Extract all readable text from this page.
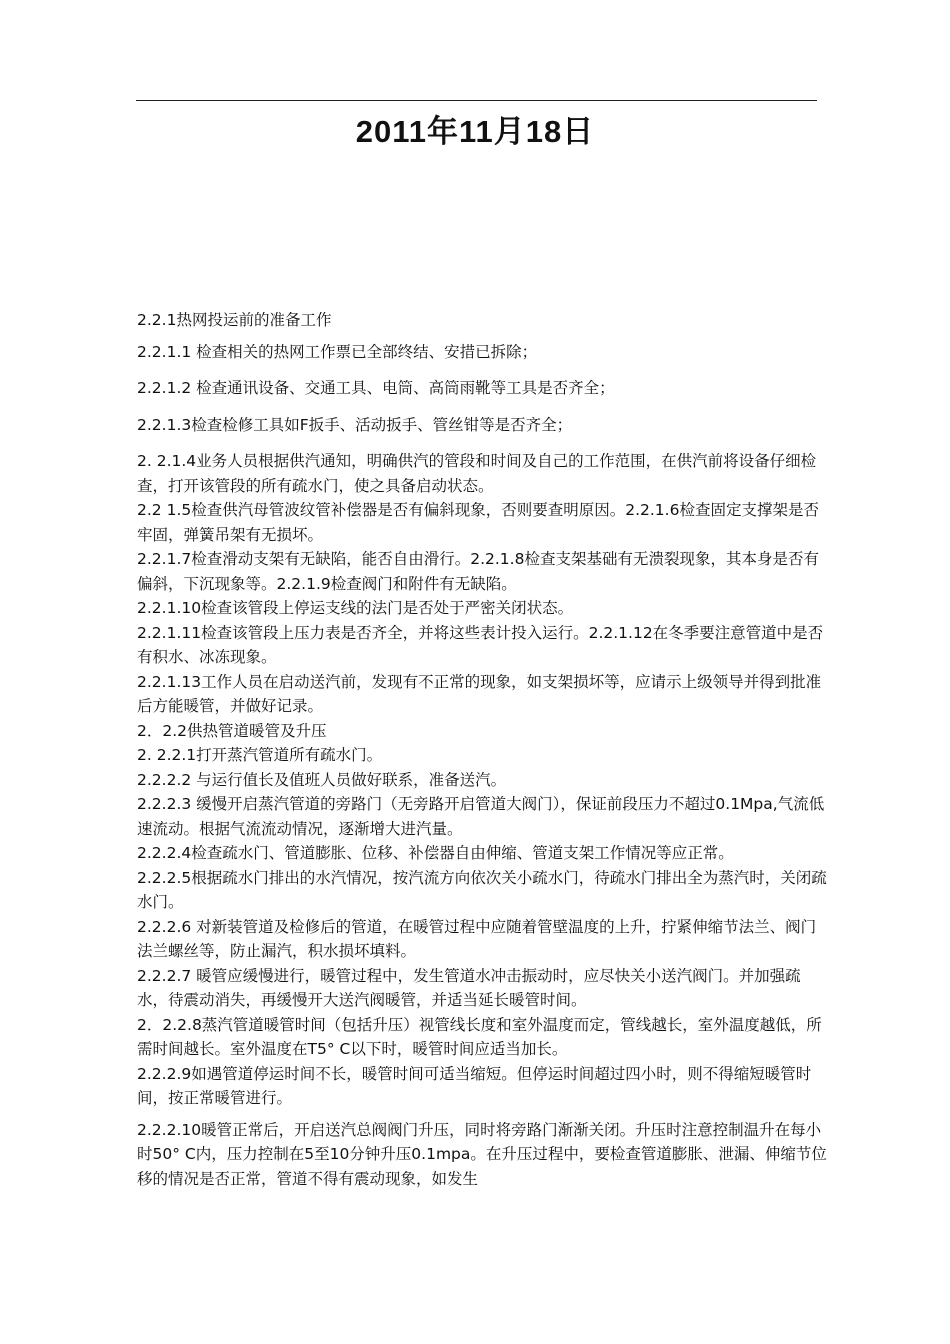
2011年11月18日

2.2.1热网投运前的准备工作

2.2.1.1 检查相关的热网工作票已全部终结、安措已拆除；

2.2.1.2 检查通讯设备、交通工具、电筒、高筒雨靴等工具是否齐全；

2.2.1.3检查检修工具如F扳手、活动扳手、管丝钳等是否齐全；

2. 2.1.4业务人员根据供汽通知，明确供汽的管段和时间及自己的工作范围，在供汽前将设备仔细检查，打开该管段的所有疏水门，使之具备启动状态。

2.2 1.5检查供汽母管波纹管补偿器是否有偏斜现象，否则要查明原因。2.2.1.6检查固定支撑架是否牢固，弹簧吊架有无损坏。

2.2.1.7检查滑动支架有无缺陷，能否自由滑行。2.2.1.8检查支架基础有无溃裂现象，其本身是否有偏斜，下沉现象等。2.2.1.9检查阀门和附件有无缺陷。

2.2.1.10检查该管段上停运支线的法门是否处于严密关闭状态。

2.2.1.11检查该管段上压力表是否齐全，并将这些表计投入运行。2.2.1.12在冬季要注意管道中是否有积水、冰冻现象。

2.2.1.13工作人员在启动送汽前，发现有不正常的现象，如支架损坏等，应请示上级领导并得到批准后方能暖管，并做好记录。

2．2.2供热管道暖管及升压

2. 2.2.1打开蒸汽管道所有疏水门。

2.2.2.2 与运行值长及值班人员做好联系，准备送汽。

2.2.2.3 缓慢开启蒸汽管道的旁路门（无旁路开启管道大阀门），保证前段压力不超过0.1Mpa,气流低速流动。根据气流流动情况，逐渐增大进汽量。

2.2.2.4检查疏水门、管道膨胀、位移、补偿器自由伸缩、管道支架工作情况等应正常。

2.2.2.5根据疏水门排出的水汽情况，按汽流方向依次关小疏水门，待疏水门排出全为蒸汽时，关闭疏水门。

2.2.2.6 对新装管道及检修后的管道，在暖管过程中应随着管壁温度的上升，拧紧伸缩节法兰、阀门法兰螺丝等，防止漏汽，积水损坏填料。

2.2.2.7 暖管应缓慢进行，暖管过程中，发生管道水冲击振动时，应尽快关小送汽阀门。并加强疏水，待震动消失，再缓慢开大送汽阀暖管，并适当延长暖管时间。

2．2.2.8蒸汽管道暖管时间（包括升压）视管线长度和室外温度而定，管线越长，室外温度越低，所需时间越长。室外温度在T5° C以下时，暖管时间应适当加长。

2.2.2.9如遇管道停运时间不长，暖管时间可适当缩短。但停运时间超过四小时，则不得缩短暖管时间，按正常暖管进行。

2.2.2.10暖管正常后，开启送汽总阀阀门升压，同时将旁路门渐渐关闭。升压时注意控制温升在每小时50° C内，压力控制在5至10分钟升压0.1mpa。在升压过程中，要检查管道膨胀、泄漏、伸缩节位移的情况是否正常，管道不得有震动现象，如发生
